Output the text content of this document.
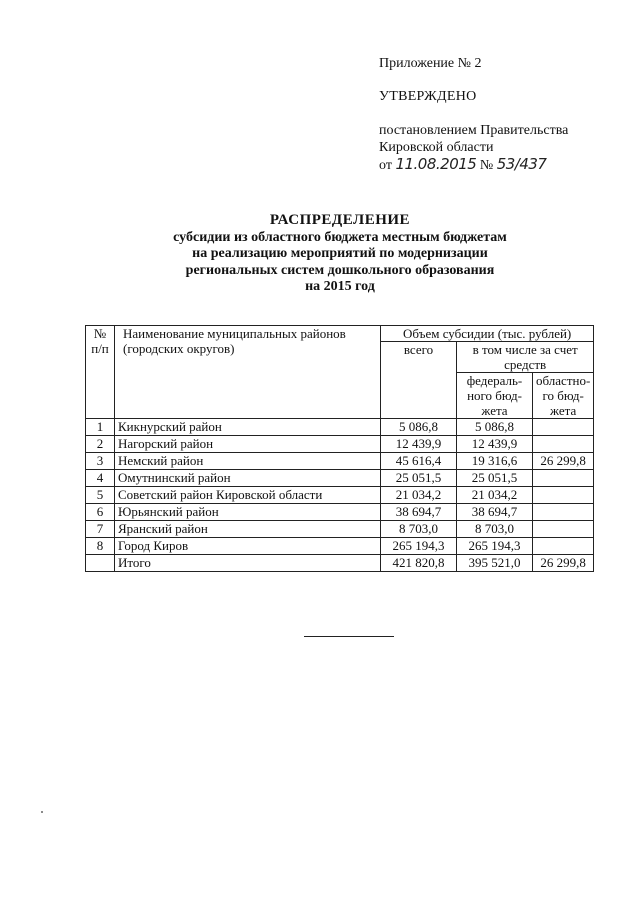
Приложение № 2
УТВЕРЖДЕНО
постановлением Правительства
Кировской области
от 11.08.2015 № 53/437
РАСПРЕДЕЛЕНИЕ
субсидии из областного бюджета местным бюджетам
на реализацию мероприятий по модернизации
региональных систем дошкольного образования
на 2015 год
№ п/п	Наименование муниципальных районов (городских округов)	Объем субсидии (тыс. рублей)		
		всего	в том числе за счет средств	
			федераль-ного бюд-жета	областно-го бюд-жета
1	Кикнурский район	5 086,8	5 086,8	
2	Нагорский район	12 439,9	12 439,9	
3	Немский район	45 616,4	19 316,6	26 299,8
4	Омутнинский район	25 051,5	25 051,5	
5	Советский район Кировской области	21 034,2	21 034,2	
6	Юрьянский район	38 694,7	38 694,7	
7	Яранский район	8 703,0	8 703,0	
8	Город Киров	265 194,3	265 194,3	
	Итого	421 820,8	395 521,0	26 299,8
